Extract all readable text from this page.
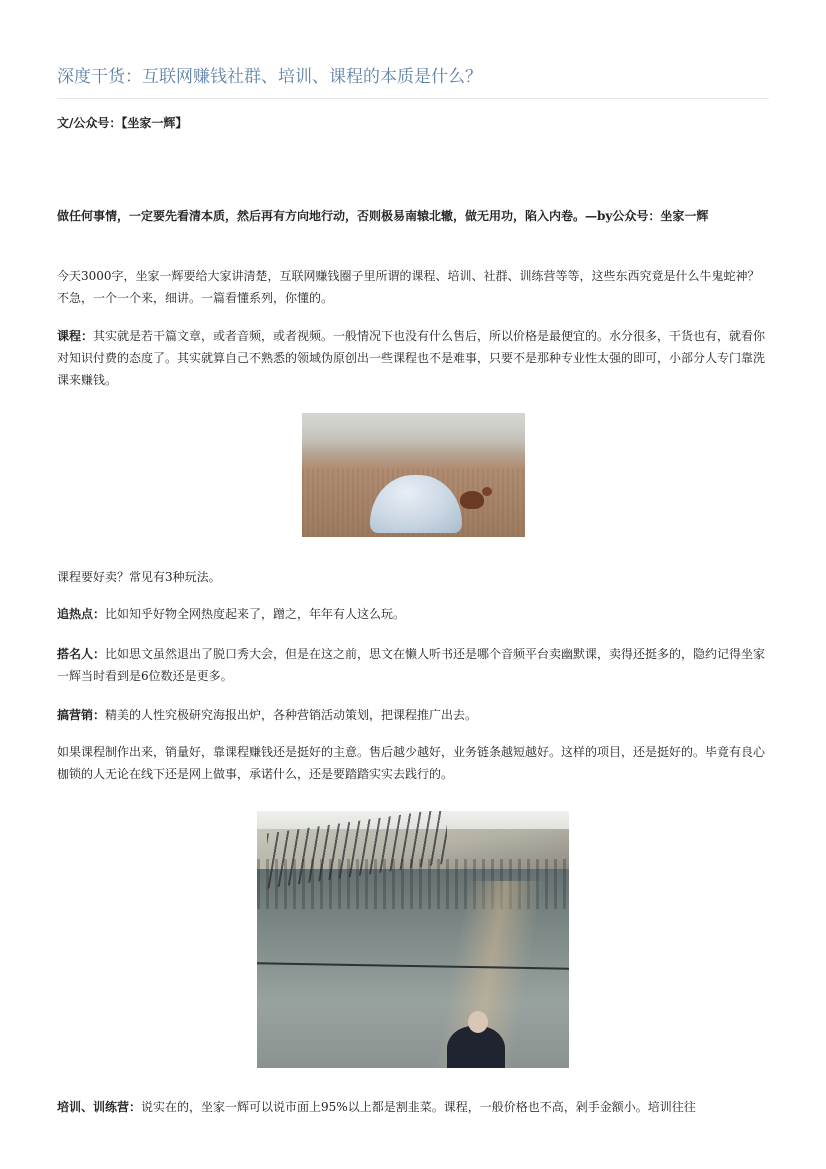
深度干货：互联网赚钱社群、培训、课程的本质是什么？
文/公众号：【坐家一辉】

做任何事情，一定要先看清本质，然后再有方向地行动，否则极易南辕北辙，做无用功，陷入内卷。—by公众号：坐家一辉

今天3000字，坐家一辉要给大家讲清楚，互联网赚钱圈子里所谓的课程、培训、社群、训练营等等，这些东西究竟是什么牛鬼蛇神？不急，一个一个来，细讲。一篇看懂系列，你懂的。

课程：其实就是若干篇文章，或者音频，或者视频。一般情况下也没有什么售后，所以价格是最便宜的。水分很多，干货也有，就看你对知识付费的态度了。其实就算自己不熟悉的领域伪原创出一些课程也不是难事，只要不是那种专业性太强的即可，小部分人专门靠洗课来赚钱。

课程要好卖？常见有3种玩法。

追热点：比如知乎好物全网热度起来了，蹭之，年年有人这么玩。

搭名人：比如思文虽然退出了脱口秀大会，但是在这之前，思文在懒人听书还是哪个音频平台卖幽默课，卖得还挺多的，隐约记得坐家一辉当时看到是6位数还是更多。

搞营销：精美的人性究极研究海报出炉，各种营销活动策划，把课程推广出去。

如果课程制作出来，销量好，靠课程赚钱还是挺好的主意。售后越少越好，业务链条越短越好。这样的项目，还是挺好的。毕竟有良心枷锁的人无论在线下还是网上做事，承诺什么，还是要踏踏实实去践行的。

培训、训练营：说实在的，坐家一辉可以说市面上95%以上都是割韭菜。课程，一般价格也不高，剁手金额小。培训往往
